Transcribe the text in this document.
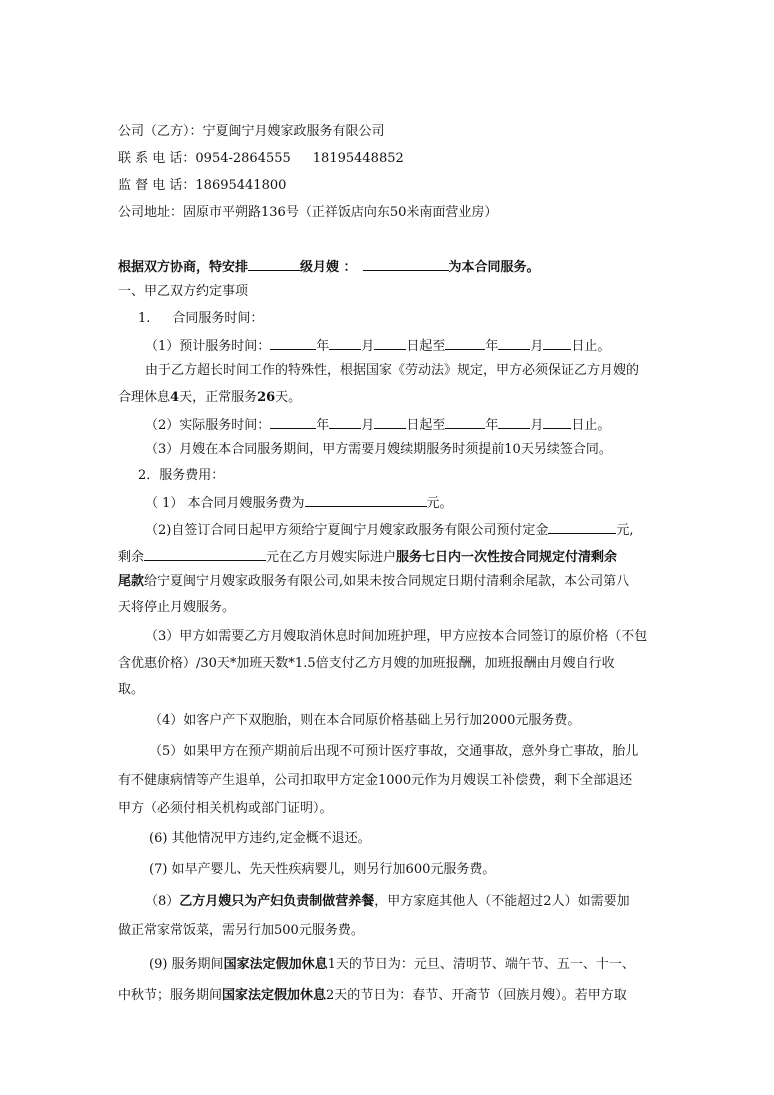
公司（乙方）：宁夏闽宁月嫂家政服务有限公司
联 系 电 话：0954-2864555 18195448852
监 督 电 话：18695441800
公司地址：固原市平朔路136号（正祥饭店向东50米南面营业房）
根据双方协商，特安排	级月嫂 ：	为本合同服务。
一、甲乙双方约定事项
1. 合同服务时间：
（1）预计服务时间：	年 月 日起至	年 月 日止。
由于乙方超长时间工作的特殊性，根据国家《劳动法》规定，甲方必须保证乙方月嫂的
合理休息4天，正常服务26天。
（2）实际服务时间：	年 月 日起至	年 月 日止。
（3）月嫂在本合同服务期间，甲方需要月嫂续期服务时须提前10天另续签合同。
2．服务费用：
（ 1） 本合同月嫂服务费为	元。
（2)自签订合同日起甲方须给宁夏闽宁月嫂家政服务有限公司预付定金	元,
剩余	元在乙方月嫂实际进户服务七日内一次性按合同规定付清剩余
尾款给宁夏闽宁月嫂家政服务有限公司,如果未按合同规定日期付清剩余尾款，本公司第八
天将停止月嫂服务。
（3）甲方如需要乙方月嫂取消休息时间加班护理，甲方应按本合同签订的原价格（不包
含优惠价格）/30天*加班天数*1.5倍支付乙方月嫂的加班报酬，加班报酬由月嫂自行收
取。
（4）如客户产下双胞胎，则在本合同原价格基础上另行加2000元服务费。
（5）如果甲方在预产期前后出现不可预计医疗事故，交通事故，意外身亡事故，胎儿
有不健康病情等产生退单，公司扣取甲方定金1000元作为月嫂误工补偿费，剩下全部退还
甲方（必须付相关机构或部门证明）。
(6) 其他情况甲方违约,定金概不退还。
(7) 如早产婴儿、先天性疾病婴儿，则另行加600元服务费。
（8）乙方月嫂只为产妇负责制做营养餐，甲方家庭其他人（不能超过2人）如需要加
做正常家常饭菜，需另行加500元服务费。
(9) 服务期间国家法定假加休息1天的节日为：元旦、清明节、端午节、五一、十一、
中秋节；服务期间国家法定假加休息2天的节日为：春节、开斋节（回族月嫂）。若甲方取
